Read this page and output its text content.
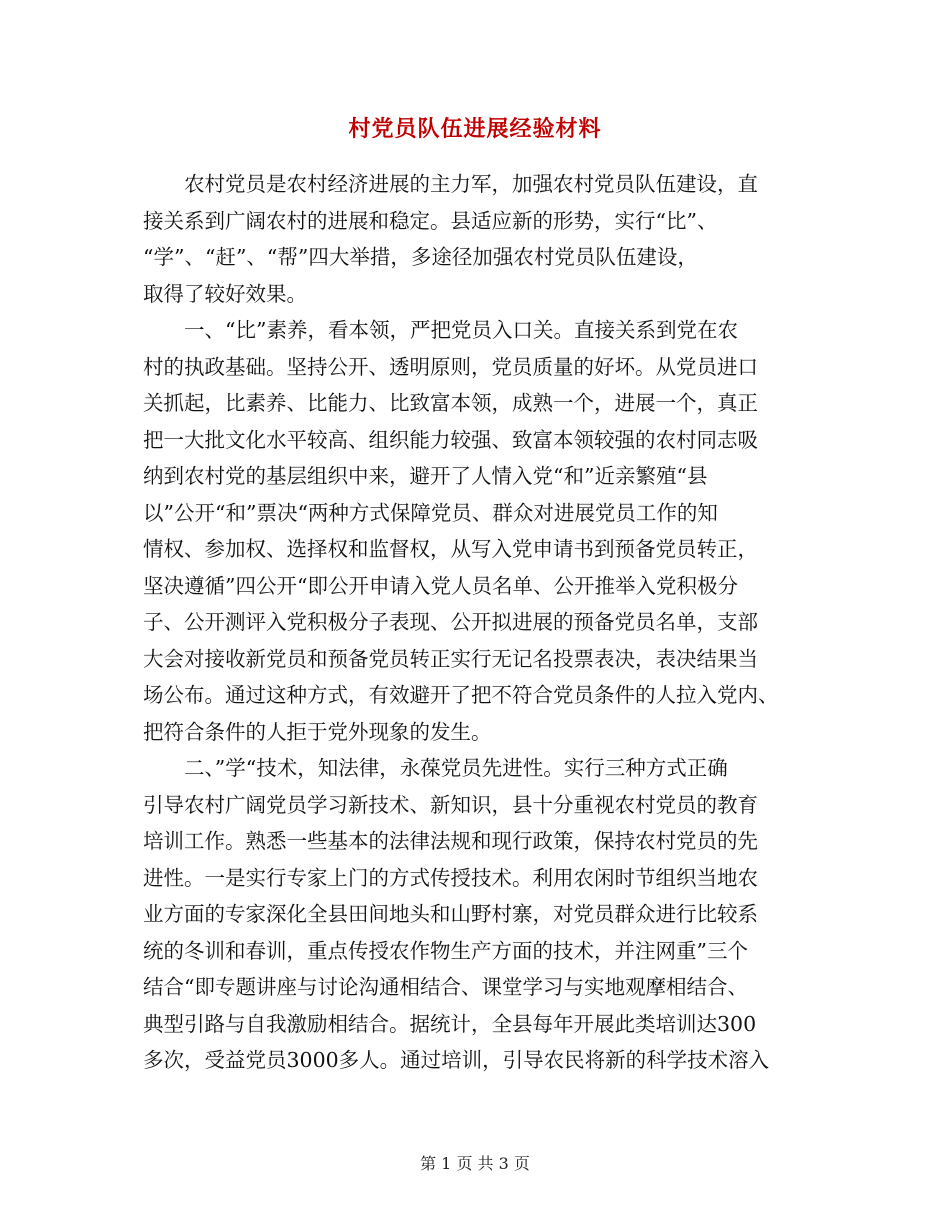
村党员队伍进展经验材料
　　农村党员是农村经济进展的主力军，加强农村党员队伍建设，直
接关系到广阔农村的进展和稳定。县适应新的形势，实行“比”、
“学”、“赶”、“帮”四大举措，多途径加强农村党员队伍建设，
取得了较好效果。
　　一、“比”素养，看本领，严把党员入口关。直接关系到党在农
村的执政基础。坚持公开、透明原则，党员质量的好坏。从党员进口
关抓起，比素养、比能力、比致富本领，成熟一个，进展一个，真正
把一大批文化水平较高、组织能力较强、致富本领较强的农村同志吸
纳到农村党的基层组织中来，避开了人情入党“和”近亲繁殖“县
以”公开“和”票决“两种方式保障党员、群众对进展党员工作的知
情权、参加权、选择权和监督权，从写入党申请书到预备党员转正，
坚决遵循”四公开“即公开申请入党人员名单、公开推举入党积极分
子、公开测评入党积极分子表现、公开拟进展的预备党员名单，支部
大会对接收新党员和预备党员转正实行无记名投票表决，表决结果当
场公布。通过这种方式，有效避开了把不符合党员条件的人拉入党内、
把符合条件的人拒于党外现象的发生。
　　二、”学“技术，知法律，永葆党员先进性。实行三种方式正确
引导农村广阔党员学习新技术、新知识，县十分重视农村党员的教育
培训工作。熟悉一些基本的法律法规和现行政策，保持农村党员的先
进性。一是实行专家上门的方式传授技术。利用农闲时节组织当地农
业方面的专家深化全县田间地头和山野村寨，对党员群众进行比较系
统的冬训和春训，重点传授农作物生产方面的技术，并注网重”三个
结合“即专题讲座与讨论沟通相结合、课堂学习与实地观摩相结合、
典型引路与自我激励相结合。据统计，全县每年开展此类培训达300
多次，受益党员3000多人。通过培训，引导农民将新的科学技术溶入
第 1 页 共 3 页
